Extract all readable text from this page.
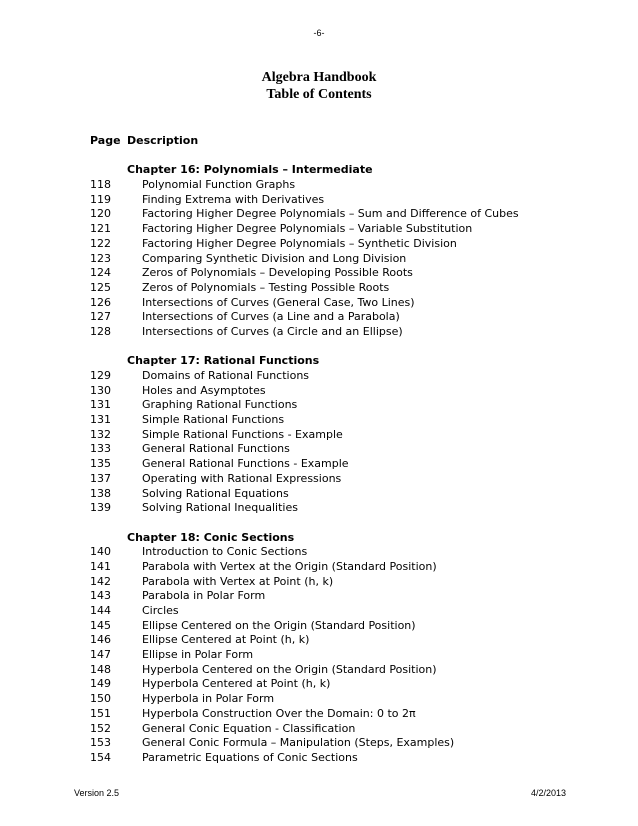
-6-
Algebra Handbook
Table of Contents
Page Description
Chapter 16: Polynomials – Intermediate
118	Polynomial Function Graphs
119	Finding Extrema with Derivatives
120	Factoring Higher Degree Polynomials – Sum and Difference of Cubes
121	Factoring Higher Degree Polynomials – Variable Substitution
122	Factoring Higher Degree Polynomials – Synthetic Division
123	Comparing Synthetic Division and Long Division
124	Zeros of Polynomials – Developing Possible Roots
125	Zeros of Polynomials – Testing Possible Roots
126	Intersections of Curves (General Case, Two Lines)
127	Intersections of Curves (a Line and a Parabola)
128	Intersections of Curves (a Circle and an Ellipse)
Chapter 17: Rational Functions
129	Domains of Rational Functions
130	Holes and Asymptotes
131	Graphing Rational Functions
131	Simple Rational Functions
132	Simple Rational Functions - Example
133	General Rational Functions
135	General Rational Functions - Example
137	Operating with Rational Expressions
138	Solving Rational Equations
139	Solving Rational Inequalities
Chapter 18: Conic Sections
140	Introduction to Conic Sections
141	Parabola with Vertex at the Origin (Standard Position)
142	Parabola with Vertex at Point (h, k)
143	Parabola in Polar Form
144	Circles
145	Ellipse Centered on the Origin (Standard Position)
146	Ellipse Centered at Point (h, k)
147	Ellipse in Polar Form
148	Hyperbola Centered on the Origin (Standard Position)
149	Hyperbola Centered at Point (h, k)
150	Hyperbola in Polar Form
151	Hyperbola Construction Over the Domain: 0 to 2π
152	General Conic Equation - Classification
153	General Conic Formula – Manipulation (Steps, Examples)
154	Parametric Equations of Conic Sections
Version 2.5	4/2/2013
